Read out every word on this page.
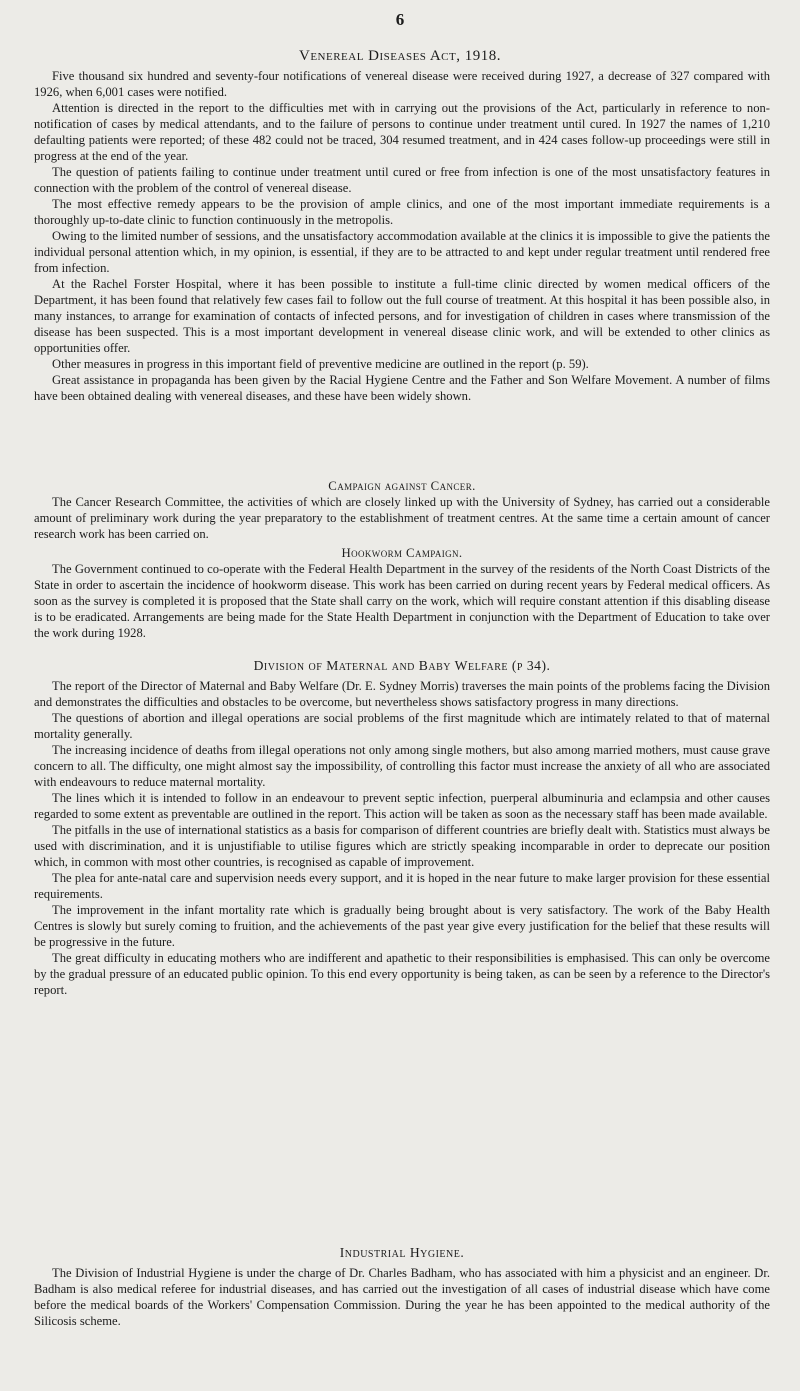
6
Venereal Diseases Act, 1918.

Five thousand six hundred and seventy-four notifications of venereal disease were received during 1927, a decrease of 327 compared with 1926, when 6,001 cases were notified.

Attention is directed in the report to the difficulties met with in carrying out the provisions of the Act, particularly in reference to non-notification of cases by medical attendants, and to the failure of persons to continue under treatment until cured. In 1927 the names of 1,210 defaulting patients were reported; of these 482 could not be traced, 304 resumed treatment, and in 424 cases follow-up proceedings were still in progress at the end of the year.

The question of patients failing to continue under treatment until cured or free from infection is one of the most unsatisfactory features in connection with the problem of the control of venereal disease.

The most effective remedy appears to be the provision of ample clinics, and one of the most important immediate requirements is a thoroughly up-to-date clinic to function continuously in the metropolis.

Owing to the limited number of sessions, and the unsatisfactory accommodation available at the clinics it is impossible to give the patients the individual personal attention which, in my opinion, is essential, if they are to be attracted to and kept under regular treatment until rendered free from infection.

At the Rachel Forster Hospital, where it has been possible to institute a full-time clinic directed by women medical officers of the Department, it has been found that relatively few cases fail to follow out the full course of treatment. At this hospital it has been possible also, in many instances, to arrange for examination of contacts of infected persons, and for investigation of children in cases where transmission of the disease has been suspected. This is a most important development in venereal disease clinic work, and will be extended to other clinics as opportunities offer.

Other measures in progress in this important field of preventive medicine are outlined in the report (p. 59).

Great assistance in propaganda has been given by the Racial Hygiene Centre and the Father and Son Welfare Movement. A number of films have been obtained dealing with venereal diseases, and these have been widely shown.

Campaign against Cancer.

The Cancer Research Committee, the activities of which are closely linked up with the University of Sydney, has carried out a considerable amount of preliminary work during the year preparatory to the establishment of treatment centres. At the same time a certain amount of cancer research work has been carried on.

Hookworm Campaign.

The Government continued to co-operate with the Federal Health Department in the survey of the residents of the North Coast Districts of the State in order to ascertain the incidence of hookworm disease. This work has been carried on during recent years by Federal medical officers. As soon as the survey is completed it is proposed that the State shall carry on the work, which will require constant attention if this disabling disease is to be eradicated. Arrangements are being made for the State Health Department in conjunction with the Department of Education to take over the work during 1928.

Division of Maternal and Baby Welfare (p 34).

The report of the Director of Maternal and Baby Welfare (Dr. E. Sydney Morris) traverses the main points of the problems facing the Division and demonstrates the difficulties and obstacles to be overcome, but nevertheless shows satisfactory progress in many directions.

The questions of abortion and illegal operations are social problems of the first magnitude which are intimately related to that of maternal mortality generally.

The increasing incidence of deaths from illegal operations not only among single mothers, but also among married mothers, must cause grave concern to all. The difficulty, one might almost say the impossibility, of controlling this factor must increase the anxiety of all who are associated with endeavours to reduce maternal mortality.

The lines which it is intended to follow in an endeavour to prevent septic infection, puerperal albuminuria and eclampsia and other causes regarded to some extent as preventable are outlined in the report. This action will be taken as soon as the necessary staff has been made available.

The pitfalls in the use of international statistics as a basis for comparison of different countries are briefly dealt with. Statistics must always be used with discrimination, and it is unjustifiable to utilise figures which are strictly speaking incomparable in order to deprecate our position which, in common with most other countries, is recognised as capable of improvement.

The plea for ante-natal care and supervision needs every support, and it is hoped in the near future to make larger provision for these essential requirements.

The improvement in the infant mortality rate which is gradually being brought about is very satisfactory. The work of the Baby Health Centres is slowly but surely coming to fruition, and the achievements of the past year give every justification for the belief that these results will be progressive in the future.

The great difficulty in educating mothers who are indifferent and apathetic to their responsibilities is emphasised. This can only be overcome by the gradual pressure of an educated public opinion. To this end every opportunity is being taken, as can be seen by a reference to the Director's report.

Industrial Hygiene.

The Division of Industrial Hygiene is under the charge of Dr. Charles Badham, who has associated with him a physicist and an engineer. Dr. Badham is also medical referee for industrial diseases, and has carried out the investigation of all cases of industrial disease which have come before the medical boards of the Workers' Compensation Commission. During the year he has been appointed to the medical authority of the Silicosis scheme.
